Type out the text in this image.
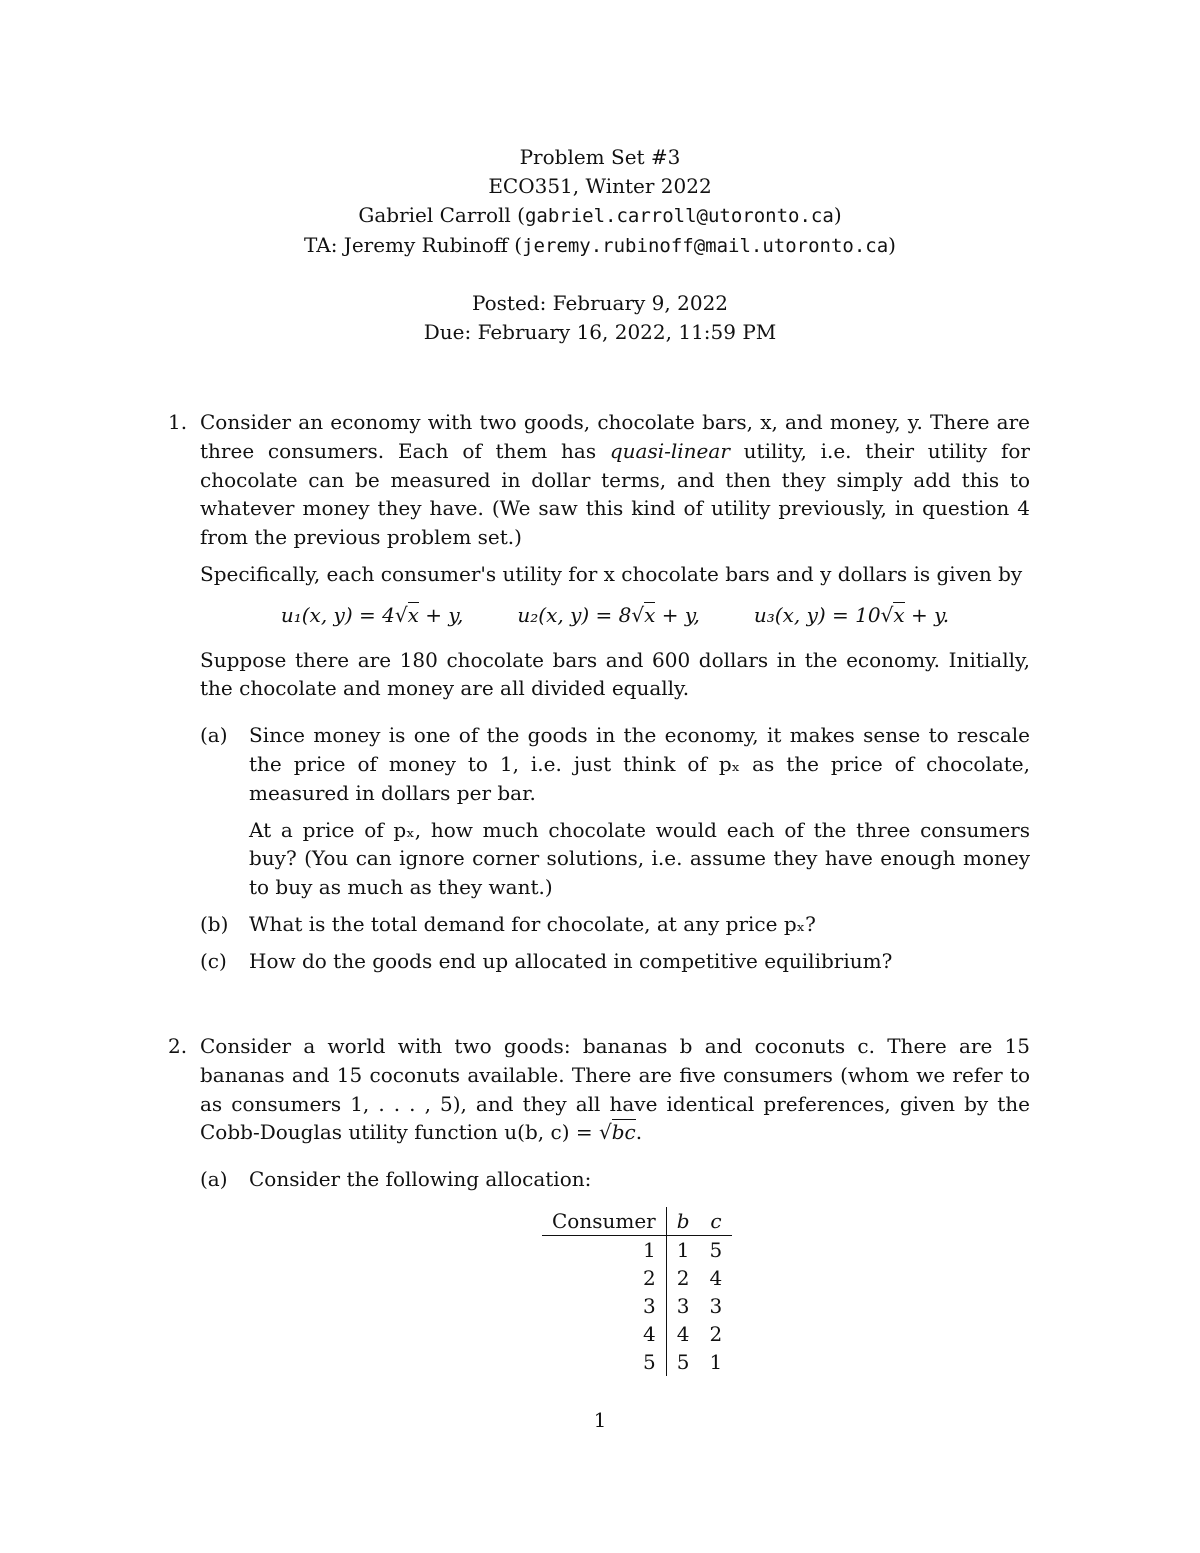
Problem Set #3
ECO351, Winter 2022
Gabriel Carroll (gabriel.carroll@utoronto.ca)
TA: Jeremy Rubinoff (jeremy.rubinoff@mail.utoronto.ca)
Posted: February 9, 2022
Due: February 16, 2022, 11:59 PM
1. Consider an economy with two goods, chocolate bars, x, and money, y. There are three consumers. Each of them has quasi-linear utility, i.e. their utility for chocolate can be measured in dollar terms, and then they simply add this to whatever money they have. (We saw this kind of utility previously, in question 4 from the previous problem set.)

Specifically, each consumer's utility for x chocolate bars and y dollars is given by

u₁(x, y) = 4√x + y,	u₂(x, y) = 8√x + y,	u₃(x, y) = 10√x + y.

Suppose there are 180 chocolate bars and 600 dollars in the economy. Initially, the chocolate and money are all divided equally.

(a) Since money is one of the goods in the economy, it makes sense to rescale the price of money to 1, i.e. just think of pₓ as the price of chocolate, measured in dollars per bar.

At a price of pₓ, how much chocolate would each of the three consumers buy? (You can ignore corner solutions, i.e. assume they have enough money to buy as much as they want.)

(b) What is the total demand for chocolate, at any price pₓ?

(c) How do the goods end up allocated in competitive equilibrium?

2. Consider a world with two goods: bananas b and coconuts c. There are 15 bananas and 15 coconuts available. There are five consumers (whom we refer to as consumers 1, . . . , 5), and they all have identical preferences, given by the Cobb-Douglas utility function u(b, c) = √bc.

(a) Consider the following allocation:

Consumer	b	c
1	1	5
2	2	4
3	3	3
4	4	2
5	5	1
1
